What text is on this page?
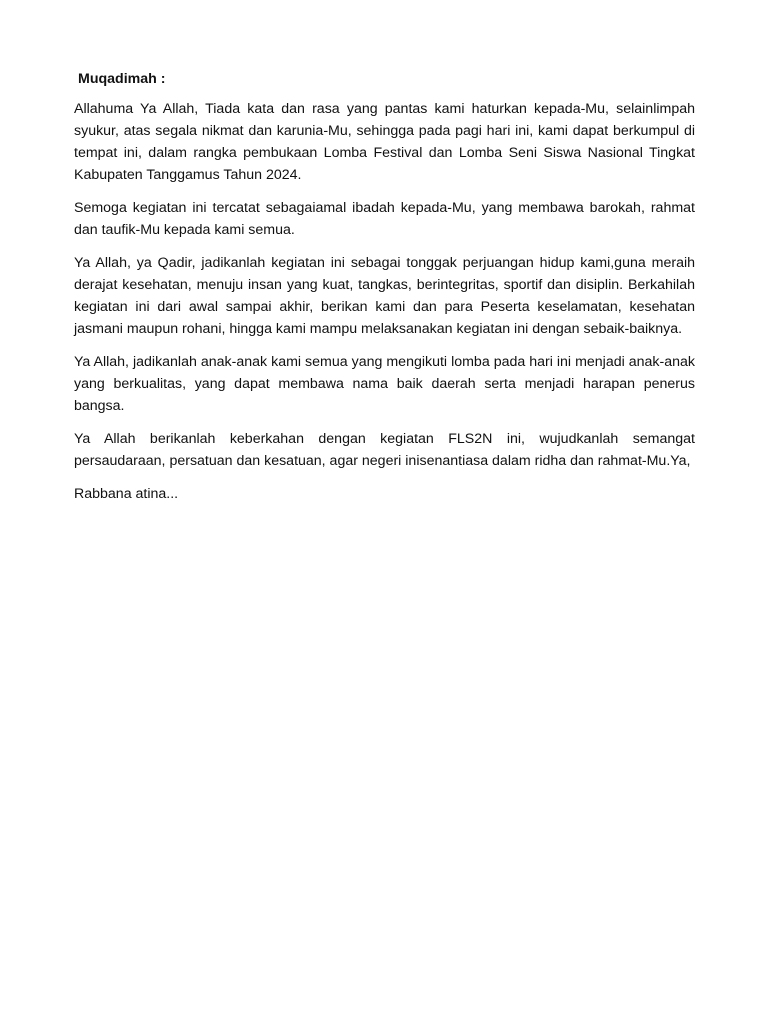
Muqadimah :

Allahuma Ya Allah, Tiada kata dan rasa yang pantas kami haturkan kepada-Mu, selainlimpah syukur, atas segala nikmat dan karunia-Mu, sehingga pada pagi hari ini, kami dapat berkumpul di tempat ini, dalam rangka pembukaan Lomba Festival dan Lomba Seni Siswa Nasional Tingkat Kabupaten Tanggamus Tahun 2024.

Semoga kegiatan ini tercatat sebagaiamal ibadah kepada-Mu, yang membawa barokah, rahmat dan taufik-Mu kepada kami semua.

Ya Allah, ya Qadir, jadikanlah kegiatan ini sebagai tonggak perjuangan hidup kami,guna meraih derajat kesehatan, menuju insan yang kuat, tangkas, berintegritas, sportif dan disiplin. Berkahilah kegiatan ini dari awal sampai akhir, berikan kami dan para Peserta keselamatan, kesehatan jasmani maupun rohani, hingga kami mampu melaksanakan kegiatan ini dengan sebaik-baiknya.

Ya Allah, jadikanlah anak-anak kami semua yang mengikuti lomba pada hari ini menjadi anak-anak yang berkualitas, yang dapat membawa nama baik daerah serta menjadi harapan penerus bangsa.

Ya Allah berikanlah keberkahan dengan kegiatan FLS2N ini, wujudkanlah semangat persaudaraan, persatuan dan kesatuan, agar negeri inisenantiasa dalam ridha dan rahmat-Mu.Ya,

Rabbana atina...
